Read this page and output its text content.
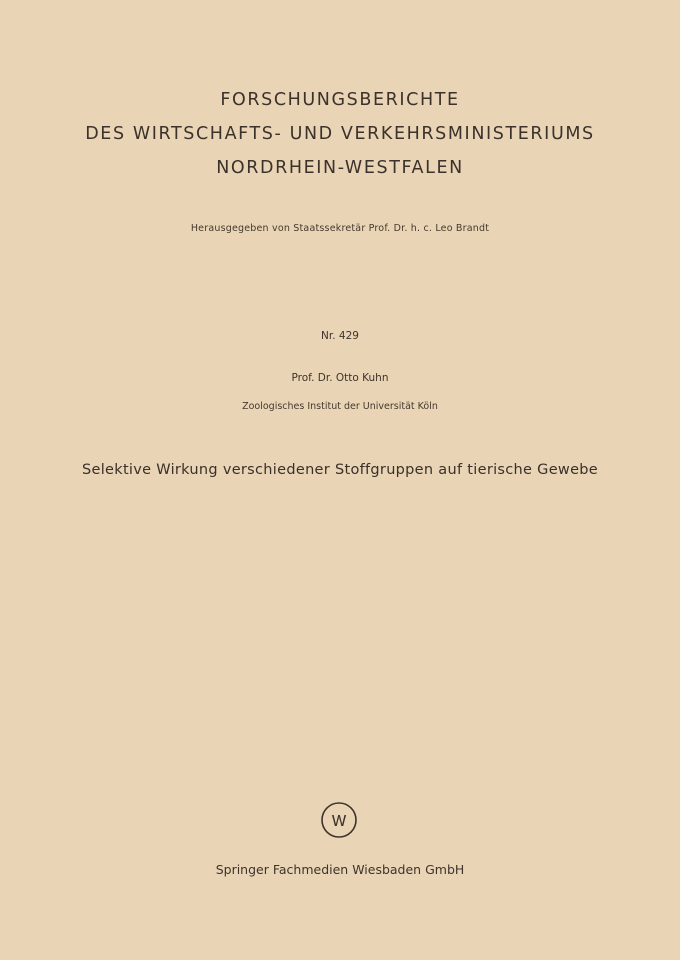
FORSCHUNGSBERICHTE
DES WIRTSCHAFTS- UND VERKEHRSMINISTERIUMS
NORDRHEIN-WESTFALEN
Herausgegeben von Staatssekretär Prof. Dr. h. c. Leo Brandt
Nr. 429
Prof. Dr. Otto Kuhn
Zoologisches Institut der Universität Köln
Selektive Wirkung verschiedener Stoffgruppen auf tierische Gewebe
W
Springer Fachmedien Wiesbaden GmbH
